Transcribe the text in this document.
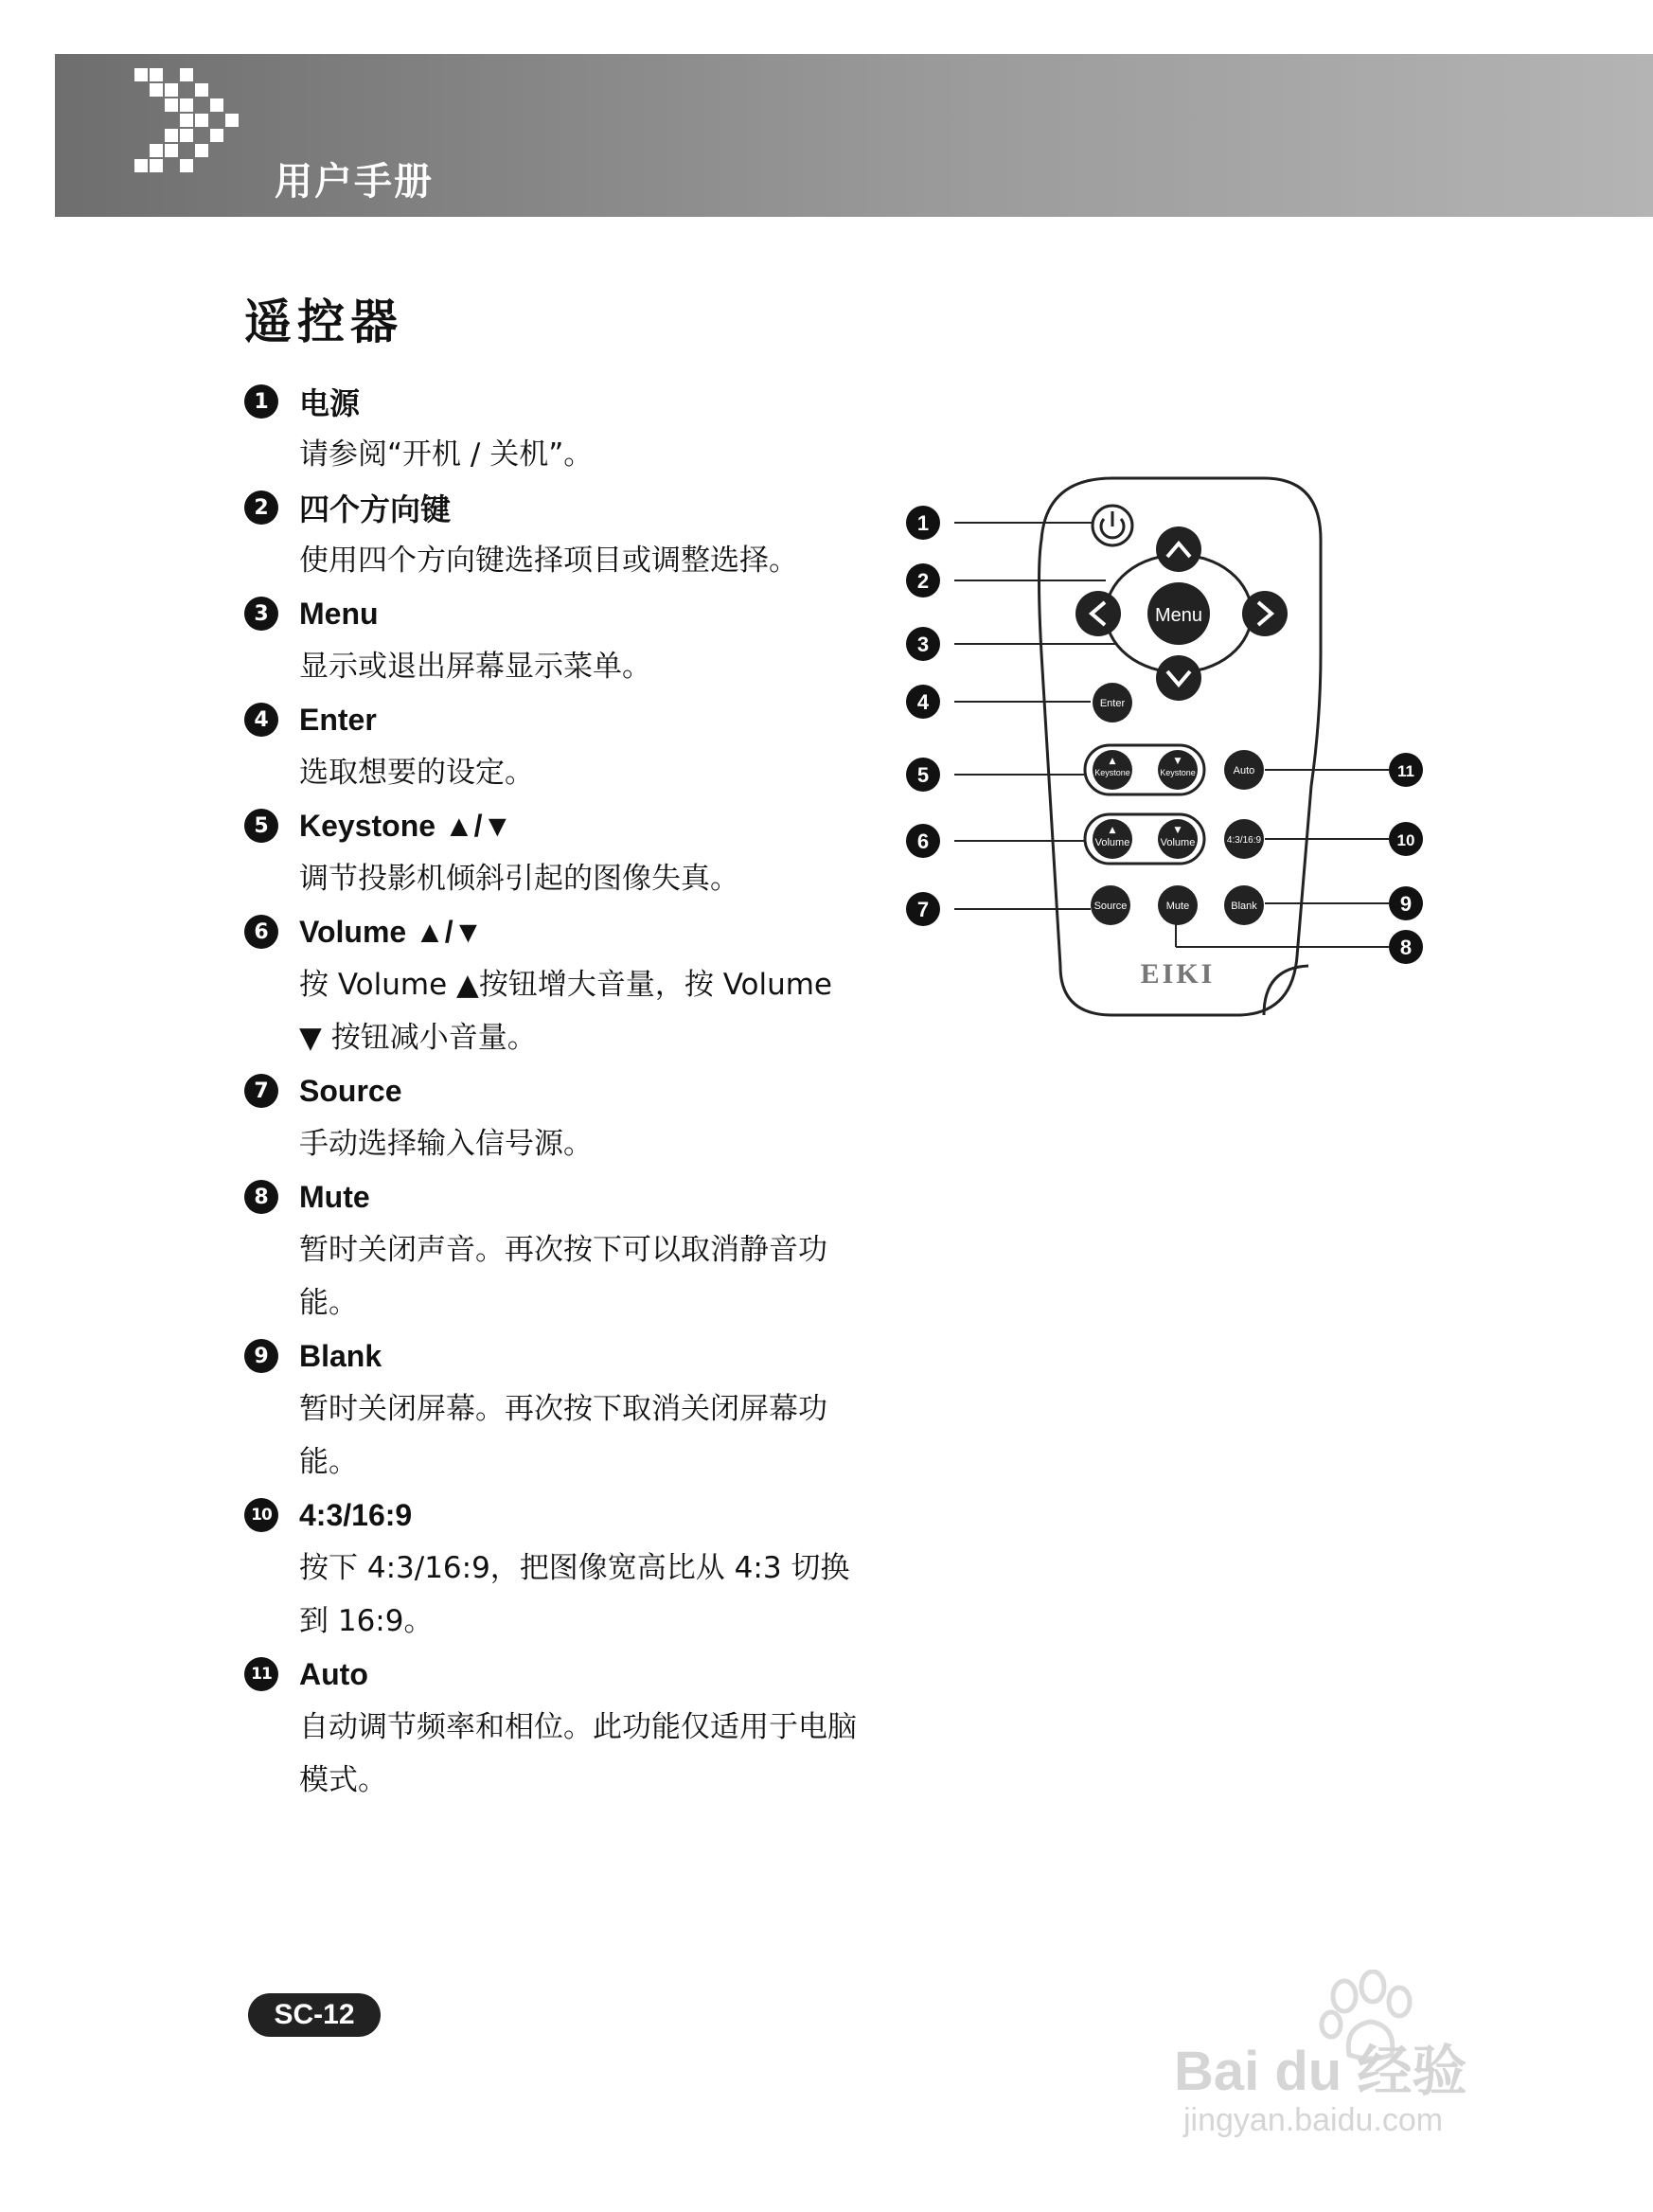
用户手册
遥控器
1	电源
请参阅“开机 / 关机”。
2	四个方向键
使用四个方向键选择项目或调整选择。
3	Menu
显示或退出屏幕显示菜单。
4	Enter
选取想要的设定。
5	Keystone ▲/▼
调节投影机倾斜引起的图像失真。
6	Volume ▲/▼
按 Volume ▲按钮增大音量，按 Volume ▼ 按钮减小音量。
7	Source
手动选择输入信号源。
8	Mute
暂时关闭声音。再次按下可以取消静音功能。
9	Blank
暂时关闭屏幕。再次按下取消关闭屏幕功能。
10 4:3/16:9
按下 4:3/16:9，把图像宽高比从 4:3 切换到 16:9。
11 Auto
自动调节频率和相位。此功能仅适用于电脑模式。
Menu
Enter
▲
Keystone
▼
Keystone	Auto
▲
Volume
▼
Volume	4:3/16:9
Source	Mute	Blank
EIKI
1
2
3
4
5
6
7
8
9
10
11
SC-12
Bai du 经验
jingyan.baidu.com
